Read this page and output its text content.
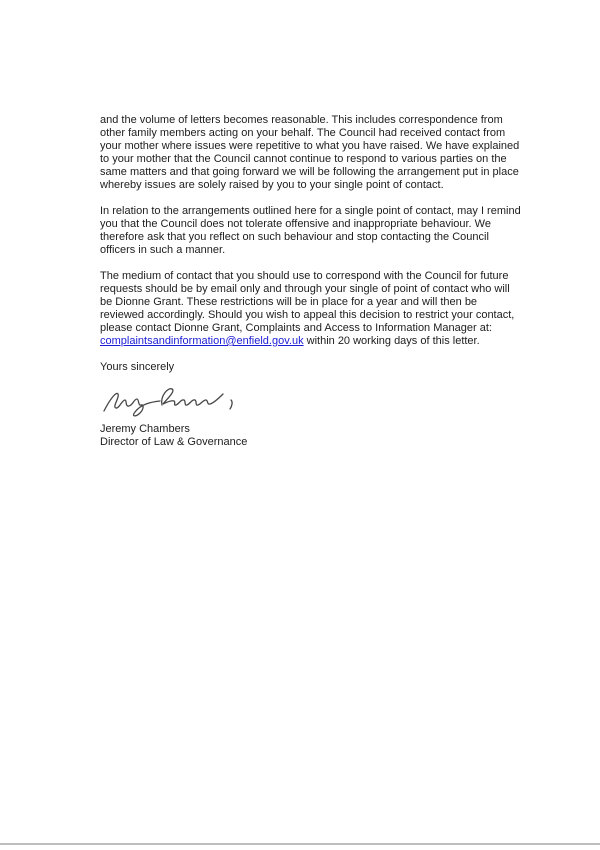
and the volume of letters becomes reasonable. This includes correspondence from other family members acting on your behalf. The Council had received contact from your mother where issues were repetitive to what you have raised. We have explained to your mother that the Council cannot continue to respond to various parties on the same matters and that going forward we will be following the arrangement put in place whereby issues are solely raised by you to your single point of contact.

In relation to the arrangements outlined here for a single point of contact, may I remind you that the Council does not tolerate offensive and inappropriate behaviour. We therefore ask that you reflect on such behaviour and stop contacting the Council officers in such a manner.

The medium of contact that you should use to correspond with the Council for future requests should be by email only and through your single of point of contact who will be Dionne Grant. These restrictions will be in place for a year and will then be reviewed accordingly. Should you wish to appeal this decision to restrict your contact, please contact Dionne Grant, Complaints and Access to Information Manager at: complaintsandinformation@enfield.gov.uk within 20 working days of this letter.

Yours sincerely

Jeremy Chambers

Director of Law & Governance
